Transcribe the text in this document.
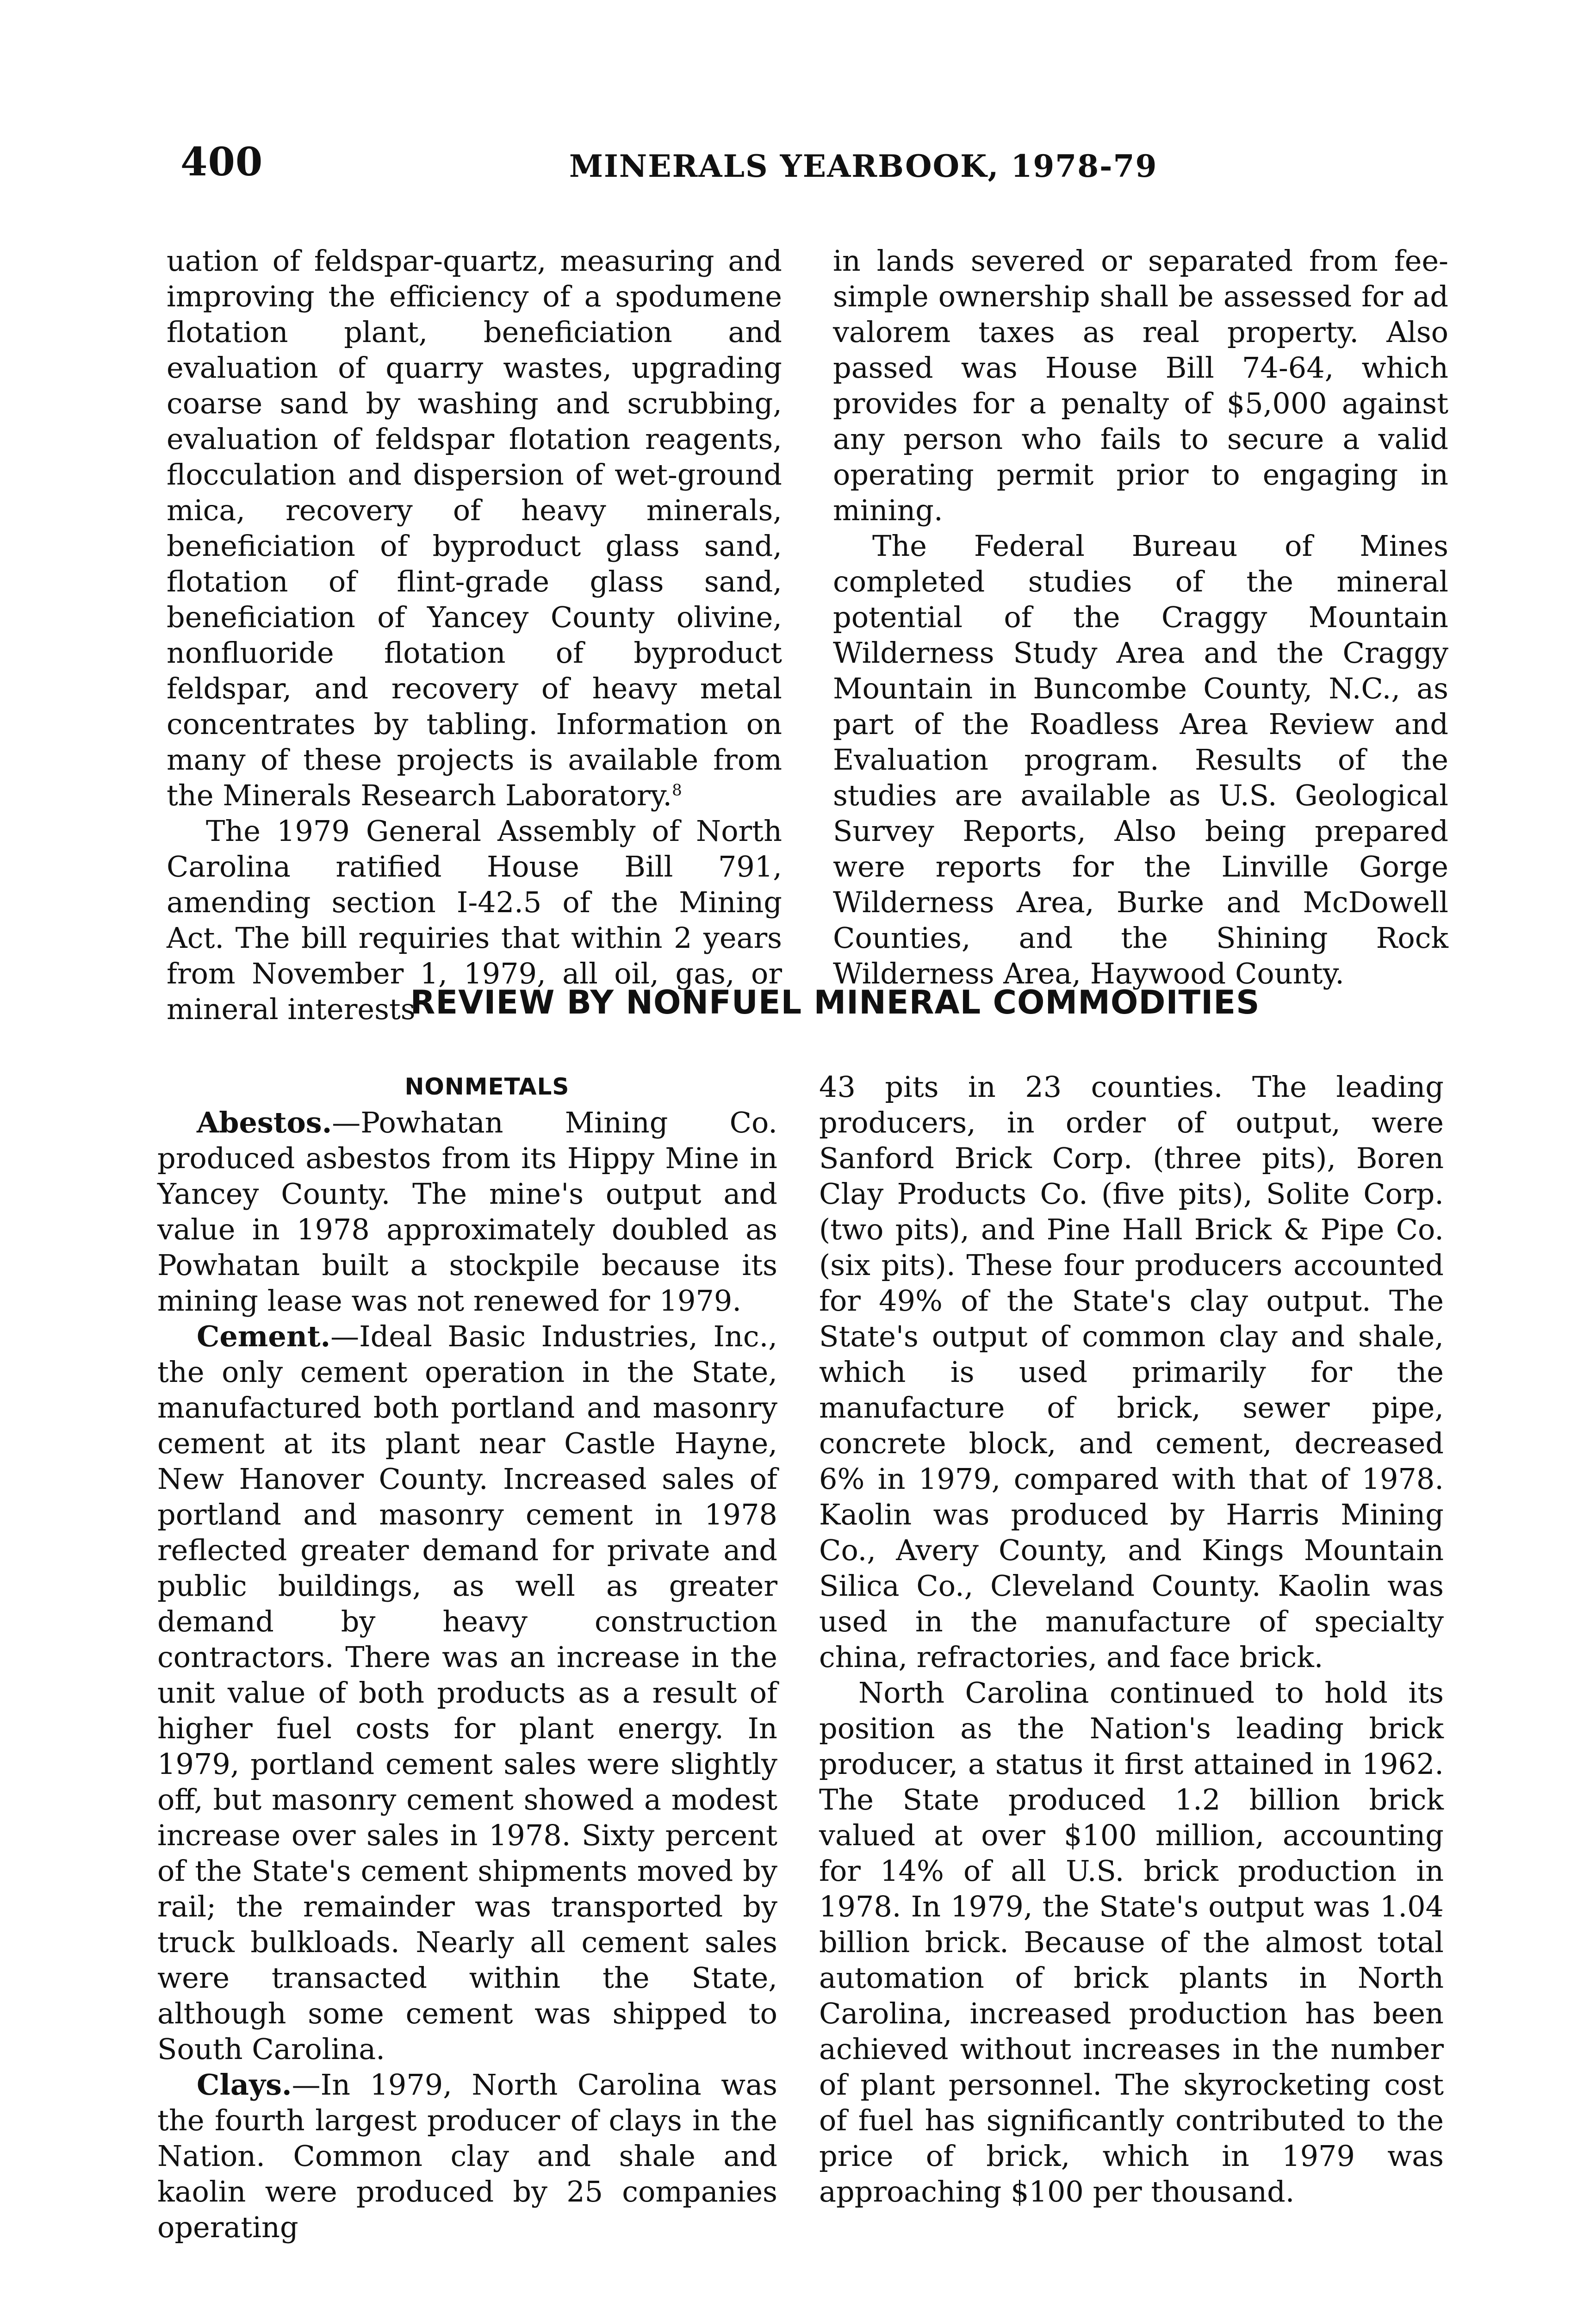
400	MINERALS YEARBOOK, 1978-79

uation of feldspar-quartz, measuring and improving the efficiency of a spodumene flotation plant, beneficiation and evaluation of quarry wastes, upgrading coarse sand by washing and scrubbing, evaluation of feldspar flotation reagents, flocculation and dispersion of wet-ground mica, recovery of heavy minerals, beneficiation of byproduct glass sand, flotation of flint-grade glass sand, beneficiation of Yancey County olivine, nonfluoride flotation of byproduct feldspar, and recovery of heavy metal concentrates by tabling. Information on many of these projects is available from the Minerals Research Laboratory.$^8$

The 1979 General Assembly of North Carolina ratified House Bill 791, amending section I-42.5 of the Mining Act. The bill requiries that within 2 years from November 1, 1979, all oil, gas, or mineral interests

in lands severed or separated from fee-simple ownership shall be assessed for ad valorem taxes as real property. Also passed was House Bill 74-64, which provides for a penalty of $5,000 against any person who fails to secure a valid operating permit prior to engaging in mining.

The Federal Bureau of Mines completed studies of the mineral potential of the Craggy Mountain Wilderness Study Area and the Craggy Mountain in Buncombe County, N.C., as part of the Roadless Area Review and Evaluation program. Results of the studies are available as U.S. Geological Survey Reports, Also being prepared were reports for the Linville Gorge Wilderness Area, Burke and McDowell Counties, and the Shining Rock Wilderness Area, Haywood County.

REVIEW BY NONFUEL MINERAL COMMODITIES

NONMETALS

Abestos.—Powhatan Mining Co. produced asbestos from its Hippy Mine in Yancey County. The mine's output and value in 1978 approximately doubled as Powhatan built a stockpile because its mining lease was not renewed for 1979.

Cement.—Ideal Basic Industries, Inc., the only cement operation in the State, manufactured both portland and masonry cement at its plant near Castle Hayne, New Hanover County. Increased sales of portland and masonry cement in 1978 reflected greater demand for private and public buildings, as well as greater demand by heavy construction contractors. There was an increase in the unit value of both products as a result of higher fuel costs for plant energy. In 1979, portland cement sales were slightly off, but masonry cement showed a modest increase over sales in 1978. Sixty percent of the State's cement shipments moved by rail; the remainder was transported by truck bulkloads. Nearly all cement sales were transacted within the State, although some cement was shipped to South Carolina.

Clays.—In 1979, North Carolina was the fourth largest producer of clays in the Nation. Common clay and shale and kaolin were produced by 25 companies operating

43 pits in 23 counties. The leading producers, in order of output, were Sanford Brick Corp. (three pits), Boren Clay Products Co. (five pits), Solite Corp. (two pits), and Pine Hall Brick & Pipe Co. (six pits). These four producers accounted for 49% of the State's clay output. The State's output of common clay and shale, which is used primarily for the manufacture of brick, sewer pipe, concrete block, and cement, decreased 6% in 1979, compared with that of 1978. Kaolin was produced by Harris Mining Co., Avery County, and Kings Mountain Silica Co., Cleveland County. Kaolin was used in the manufacture of specialty china, refractories, and face brick.

North Carolina continued to hold its position as the Nation's leading brick producer, a status it first attained in 1962. The State produced 1.2 billion brick valued at over $100 million, accounting for 14% of all U.S. brick production in 1978. In 1979, the State's output was 1.04 billion brick. Because of the almost total automation of brick plants in North Carolina, increased production has been achieved without increases in the number of plant personnel. The skyrocketing cost of fuel has significantly contributed to the price of brick, which in 1979 was approaching $100 per thousand.
